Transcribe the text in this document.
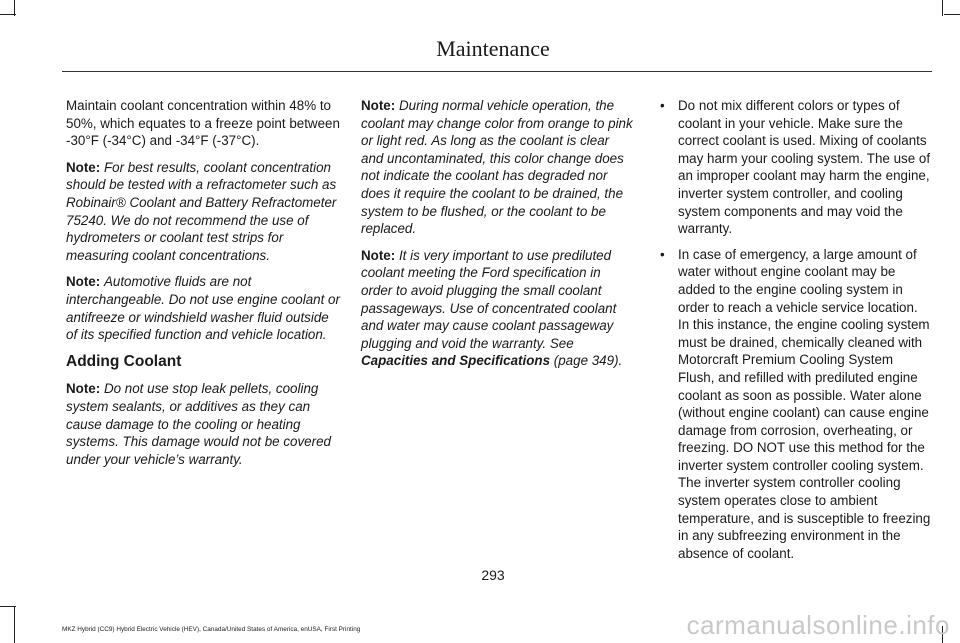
Maintenance

Maintain coolant concentration within 48% to 50%, which equates to a freeze point between -30°F (-34°C) and -34°F (-37°C).

Note: For best results, coolant concentration should be tested with a refractometer such as Robinair® Coolant and Battery Refractometer 75240. We do not recommend the use of hydrometers or coolant test strips for measuring coolant concentrations.

Note: Automotive fluids are not interchangeable. Do not use engine coolant or antifreeze or windshield washer fluid outside of its specified function and vehicle location.

Adding Coolant

Note: Do not use stop leak pellets, cooling system sealants, or additives as they can cause damage to the cooling or heating systems. This damage would not be covered under your vehicle’s warranty.

Note: During normal vehicle operation, the coolant may change color from orange to pink or light red. As long as the coolant is clear and uncontaminated, this color change does not indicate the coolant has degraded nor does it require the coolant to be drained, the system to be flushed, or the coolant to be replaced.

Note: It is very important to use prediluted coolant meeting the Ford specification in order to avoid plugging the small coolant passageways. Use of concentrated coolant and water may cause coolant passageway plugging and void the warranty. See Capacities and Specifications (page 349).

• Do not mix different colors or types of coolant in your vehicle. Make sure the correct coolant is used. Mixing of coolants may harm your cooling system. The use of an improper coolant may harm the engine, inverter system controller, and cooling system components and may void the warranty.
• In case of emergency, a large amount of water without engine coolant may be added to the engine cooling system in order to reach a vehicle service location. In this instance, the engine cooling system must be drained, chemically cleaned with Motorcraft Premium Cooling System Flush, and refilled with prediluted engine coolant as soon as possible. Water alone (without engine coolant) can cause engine damage from corrosion, overheating, or freezing. DO NOT use this method for the inverter system controller cooling system. The inverter system controller cooling system operates close to ambient temperature, and is susceptible to freezing in any subfreezing environment in the absence of coolant.
293
MKZ Hybrid (CC9) Hybrid Electric Vehicle (HEV), Canada/United States of America, enUSA, First Printing	carmanualsonline.info
